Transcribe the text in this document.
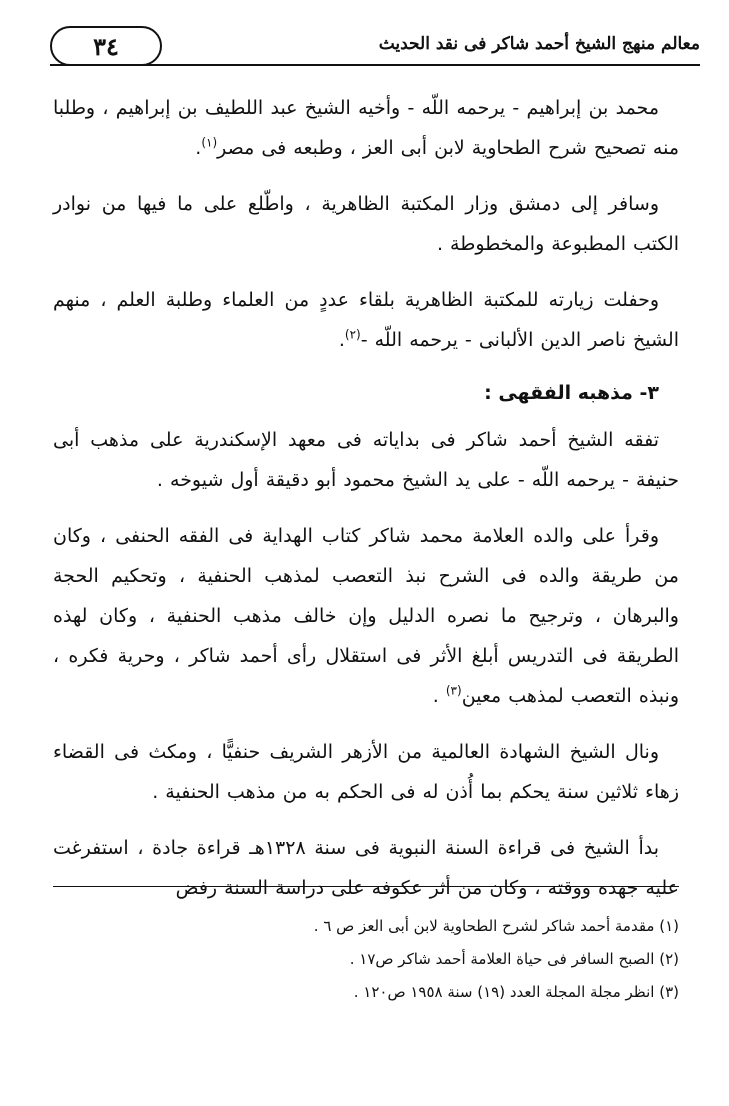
٣٤	معالم منهج الشيخ أحمد شاكر فى نقد الحديث

محمد بن إبراهيم - يرحمه اللّه - وأخيه الشيخ عبد اللطيف بن إبراهيم ، وطلبا منه تصحيح شرح الطحاوية لابن أبى العز ، وطبعه فى مصر$^{(١)}$.

وسافر إلى دمشق وزار المكتبة الظاهرية ، واطّلع على ما فيها من نوادر الكتب المطبوعة والمخطوطة .

وحفلت زيارته للمكتبة الظاهرية بلقاء عددٍ من العلماء وطلبة العلم ، منهم الشيخ ناصر الدين الألبانى - يرحمه اللّه -$^{(٢)}$.

٣- مذهبه الفقهى :

تفقه الشيخ أحمد شاكر فى بداياته فى معهد الإسكندرية على مذهب أبى حنيفة - يرحمه اللّه - على يد الشيخ محمود أبو دقيقة أول شيوخه .

وقرأ على والده العلامة محمد شاكر كتاب الهداية فى الفقه الحنفى ، وكان من طريقة والده فى الشرح نبذ التعصب لمذهب الحنفية ، وتحكيم الحجة والبرهان ، وترجيح ما نصره الدليل وإن خالف مذهب الحنفية ، وكان لهذه الطريقة فى التدريس أبلغ الأثر فى استقلال رأى أحمد شاكر ، وحرية فكره ، ونبذه التعصب لمذهب معين$^{(٣)}$ .

ونال الشيخ الشهادة العالمية من الأزهر الشريف حنفيًّا ، ومكث فى القضاء زهاء ثلاثين سنة يحكم بما أُذن له فى الحكم به من مذهب الحنفية .

بدأ الشيخ فى قراءة السنة النبوية فى سنة ١٣٢٨هـ قراءة جادة ، استفرغت عليه جهده ووقته ، وكان من أثر عكوفه على دراسة السنة رفض

(١) مقدمة أحمد شاكر لشرح الطحاوية لابن أبى العز ص ٦ .
(٢) الصبح السافر فى حياة العلامة أحمد شاكر ص١٧ .
(٣) انظر مجلة المجلة العدد (١٩) سنة ١٩٥٨ ص١٢٠ .
